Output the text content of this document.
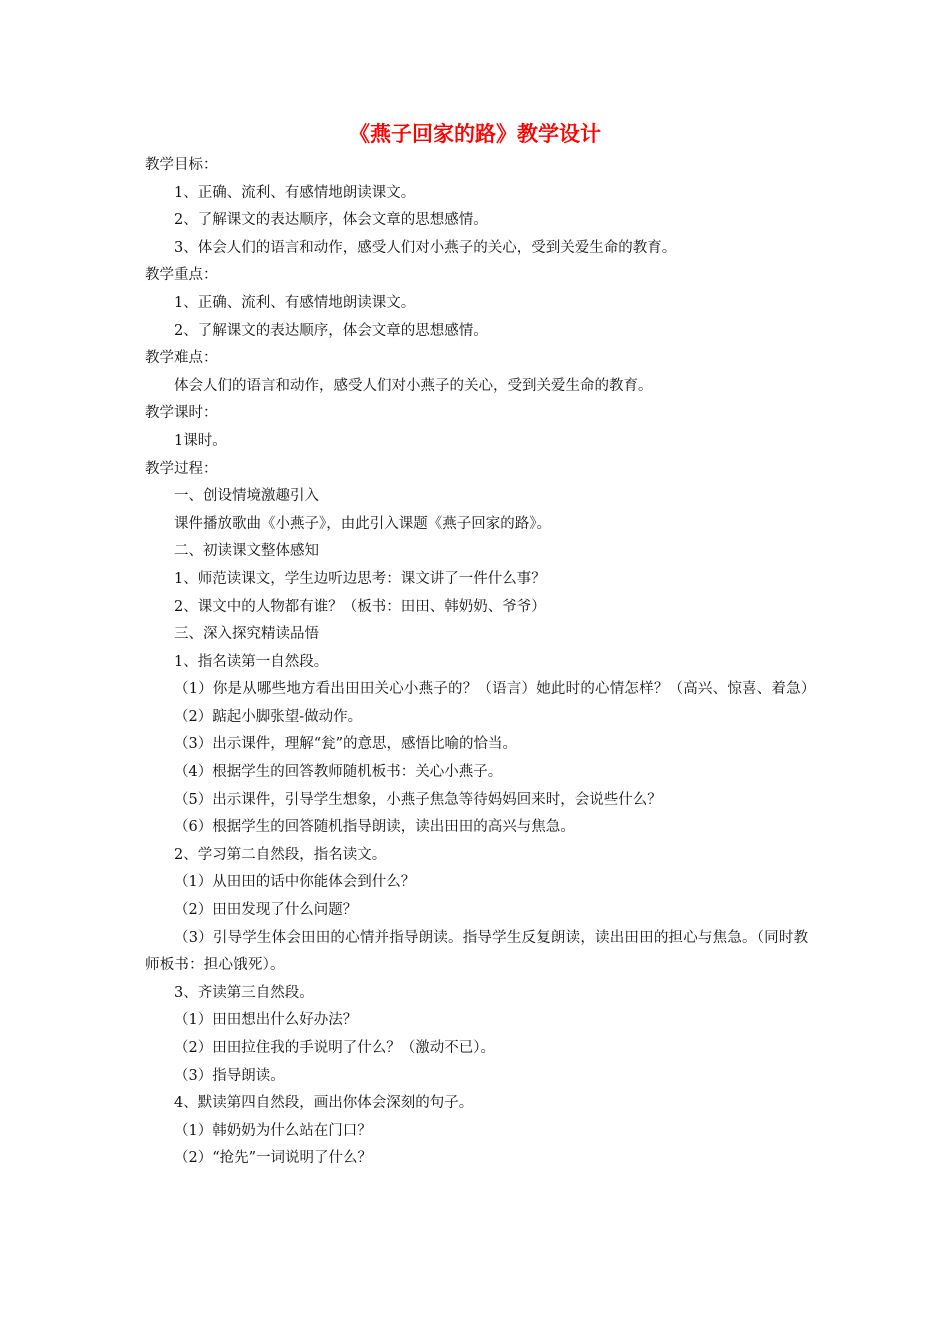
《燕子回家的路》教学设计
教学目标：
1、正确、流利、有感情地朗读课文。
2、了解课文的表达顺序，体会文章的思想感情。
3、体会人们的语言和动作，感受人们对小燕子的关心，受到关爱生命的教育。
教学重点：
1、正确、流利、有感情地朗读课文。
2、了解课文的表达顺序，体会文章的思想感情。
教学难点：
体会人们的语言和动作，感受人们对小燕子的关心，受到关爱生命的教育。
教学课时：
1课时。
教学过程：
一、创设情境激趣引入
课件播放歌曲《小燕子》，由此引入课题《燕子回家的路》。
二、初读课文整体感知
1、师范读课文，学生边听边思考：课文讲了一件什么事？
2、课文中的人物都有谁？（板书：田田、韩奶奶、爷爷）
三、深入探究精读品悟
1、指名读第一自然段。
（1）你是从哪些地方看出田田关心小燕子的？（语言）她此时的心情怎样？（高兴、惊喜、着急）
（2）踮起小脚张望-做动作。
（3）出示课件，理解“瓮”的意思，感悟比喻的恰当。
（4）根据学生的回答教师随机板书：关心小燕子。
（5）出示课件，引导学生想象，小燕子焦急等待妈妈回来时，会说些什么？
（6）根据学生的回答随机指导朗读，读出田田的高兴与焦急。
2、学习第二自然段，指名读文。
（1）从田田的话中你能体会到什么？
（2）田田发现了什么问题？
（3）引导学生体会田田的心情并指导朗读。指导学生反复朗读，读出田田的担心与焦急。（同时教师板书：担心饿死）。
3、齐读第三自然段。
（1）田田想出什么好办法？
（2）田田拉住我的手说明了什么？（激动不已）。
（3）指导朗读。
4、默读第四自然段，画出你体会深刻的句子。
（1）韩奶奶为什么站在门口？
（2）“抢先”一词说明了什么？
